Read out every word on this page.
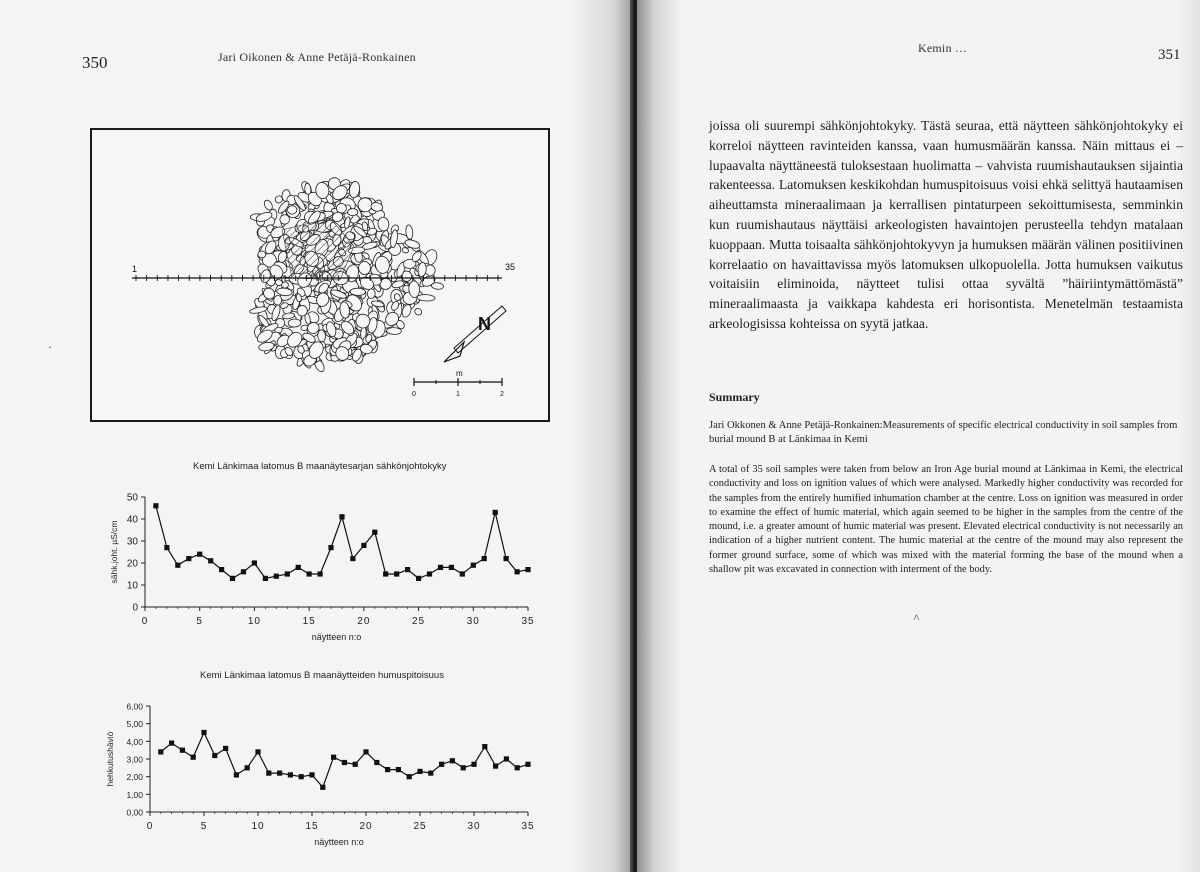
350	Jari Oikonen & Anne Petäjä-Ronkainen
1	35
N
m
0	1	2
Kemi Länkimaa latomus B maanäytesarjan sähkönjohtokyky
0
10
20
30
40
50
0	5	10	15	20	25	30	35
näytteen n:o
sähk.joht. µS/cm
Kemi Länkimaa latomus B maanäytteiden humuspitoisuus
0,00
1,00
2,00
3,00
4,00
5,00
6,00
0	5	10	15	20	25	30	35
näytteen n:o
hehkutushäviö
·
Kemin …	351

joissa oli suurempi sähkönjohtokyky. Tästä seuraa, että näytteen sähkönjohtokyky ei korreloi näytteen ravinteiden kanssa, vaan humusmäärän kanssa. Näin mittaus ei – lupaavalta näyttäneestä tuloksestaan huolimatta – vahvista ruumishautauksen sijaintia rakenteessa. Latomuksen keskikohdan humuspitoisuus voisi ehkä selittyä hautaamisen aiheuttamsta mineraalimaan ja kerrallisen pintaturpeen sekoittumisesta, semminkin kun ruumishautaus näyttäisi arkeologisten havaintojen perusteella tehdyn matalaan kuoppaan. Mutta toisaalta sähkönjohtokyvyn ja humuksen määrän välinen positiivinen korrelaatio on havaittavissa myös latomuksen ulkopuolella. Jotta humuksen vaikutus voitaisiin eliminoida, näytteet tulisi ottaa syvältä ”häiriintymättömästä” mineraalimaasta ja vaikkapa kahdesta eri horisontista. Menetelmän testaamista arkeologisissa kohteissa on syytä jatkaa.

Summary
Jari Okkonen & Anne Petäjä-Ronkainen:Measurements of specific electrical conductivity in soil samples from burial mound B at Länkimaa in Kemi
A total of 35 soil samples were taken from below an Iron Age burial mound at Länkimaa in Kemi, the electrical conductivity and loss on ignition values of which were analysed. Markedly higher conductivity was recorded for the samples from the entirely humified inhumation chamber at the centre. Loss on ignition was measured in order to examine the effect of humic material, which again seemed to be higher in the samples from the centre of the mound, i.e. a greater amount of humic material was present. Elevated electrical conductivity is not necessarily an indication of a higher nutrient content. The humic material at the centre of the mound may also represent the former ground surface, some of which was mixed with the material forming the base of the mound when a shallow pit was excavated in connection with interment of the body.
˄
